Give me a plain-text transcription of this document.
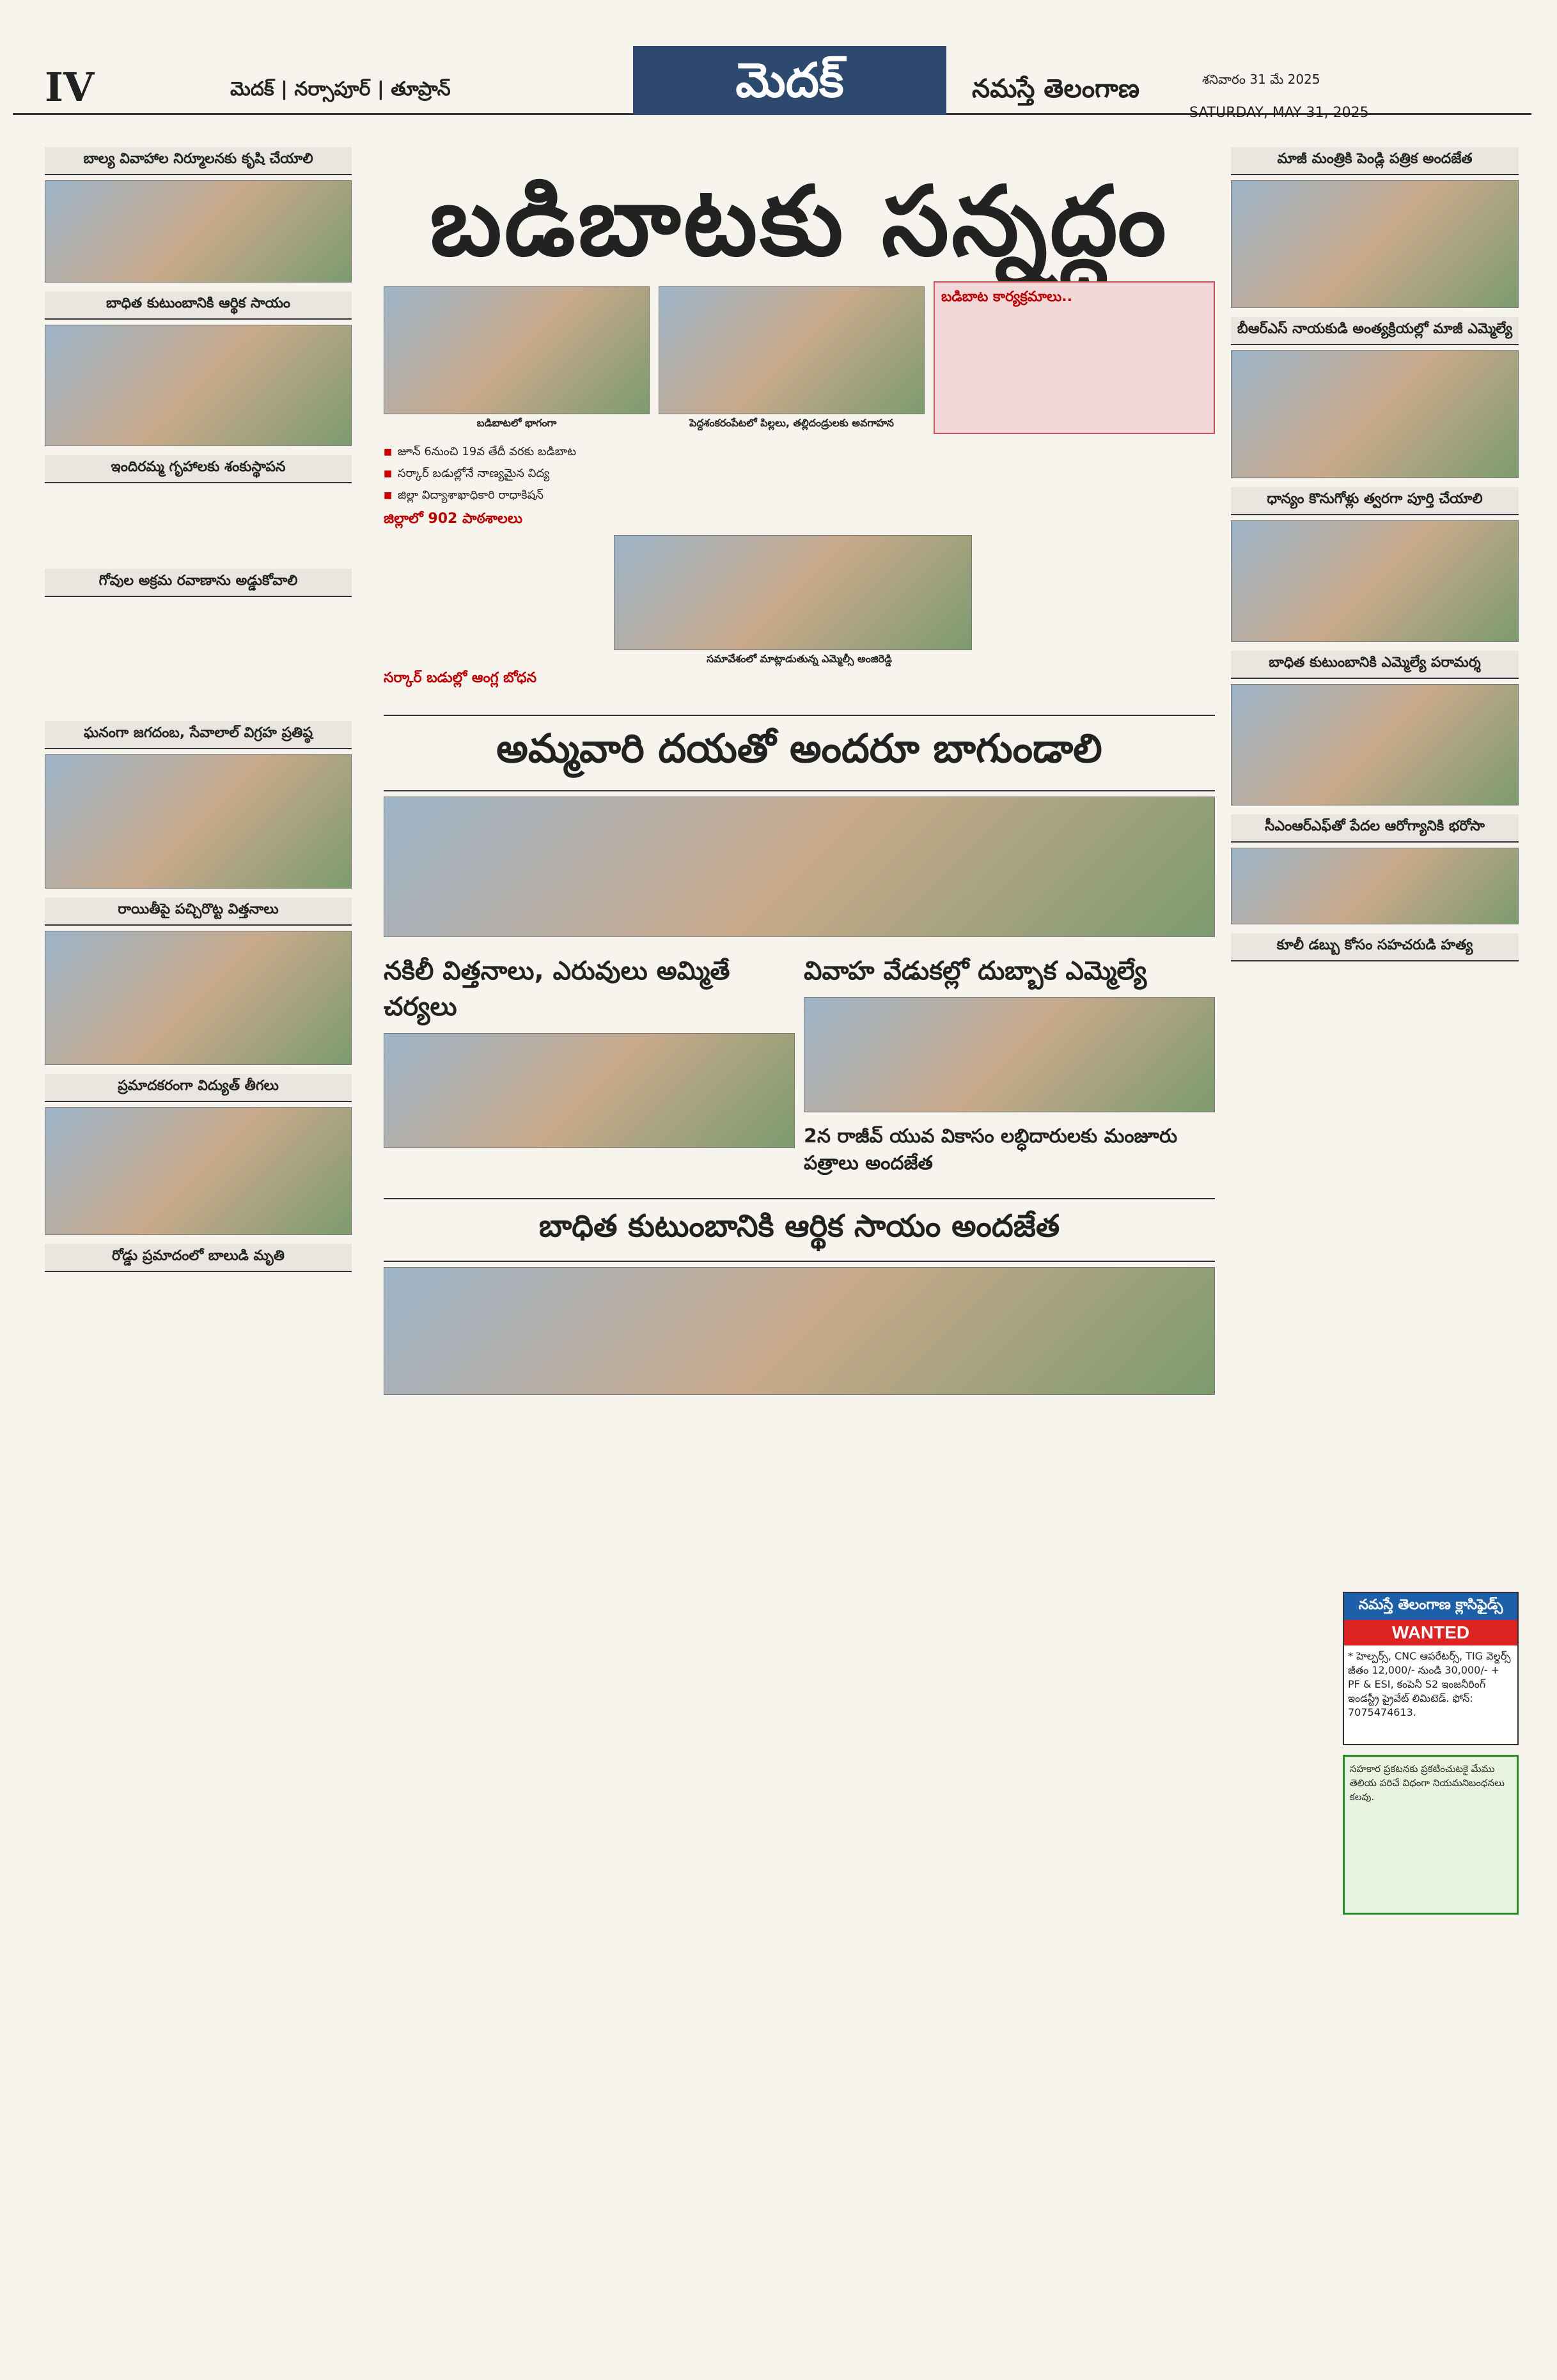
IV	మెదక్ | నర్సాపూర్ | తూప్రాన్	మెదక్	నమస్తే తెలంగాణ	శనివారం 31 మే 2025
SATURDAY, MAY 31, 2025
బడిబాటకు సన్నద్ధం
బాల్య వివాహాల నిర్మూలనకు కృషి చేయాలి
బాధిత కుటుంబానికి ఆర్థిక సాయం
ఇందిరమ్మ గృహాలకు శంకుస్థాపన
గోవుల అక్రమ రవాణాను అడ్డుకోవాలి
ఘనంగా జగదంబ, సేవాలాల్ విగ్రహ ప్రతిష్ఠ
రాయితీపై పచ్చిరొట్ట విత్తనాలు
ప్రమాదకరంగా విద్యుత్ తీగలు
రోడ్డు ప్రమాదంలో బాలుడి మృతి
బడిబాటలో భాగంగా	పెద్దశంకరంపేటలో పిల్లలు, తల్లిదండ్రులకు అవగాహన
బడిబాట కార్యక్రమాలు..
■ జూన్ 6నుంచి 19వ తేదీ వరకు బడిబాట
■ సర్కార్ బడుల్లోనే నాణ్యమైన విద్య
■ జిల్లా విద్యాశాఖాధికారి రాధాకిషన్
జిల్లాలో 902 పాఠశాలలు
సమావేశంలో మాట్లాడుతున్న ఎమ్మెల్సీ అంజిరెడ్డి
సర్కార్ బడుల్లో ఆంగ్ల బోధన
అమ్మవారి దయతో అందరూ బాగుండాలి
నకిలీ విత్తనాలు, ఎరువులు అమ్మితే చర్యలు
వివాహ వేడుకల్లో దుబ్బాక ఎమ్మెల్యే
2న రాజీవ్ యువ వికాసం లబ్ధిదారులకు మంజూరు పత్రాలు అందజేత
బాధిత కుటుంబానికి ఆర్థిక సాయం అందజేత
మాజీ మంత్రికి పెండ్లి పత్రిక అందజేత
బీఆర్ఎస్ నాయకుడి అంత్యక్రియల్లో మాజీ ఎమ్మెల్యే
ధాన్యం కొనుగోళ్లు త్వరగా పూర్తి చేయాలి
బాధిత కుటుంబానికి ఎమ్మెల్యే పరామర్శ
సీఎంఆర్ఎఫ్‌తో పేదల ఆరోగ్యానికి భరోసా
కూలీ డబ్బు కోసం సహచరుడి హత్య
నమస్తే తెలంగాణ క్లాసిఫైడ్స్
WANTED
* హెల్పర్స్, CNC ఆపరేటర్స్, TIG వెల్డర్స్ జీతం 12,000/- నుండి 30,000/- + PF & ESI, కంపెనీ S2 ఇంజనీరింగ్ ఇండస్ట్రీ ప్రైవేట్ లిమిటెడ్. ఫోన్: 7075474613.
సహకార ప్రకటనకు ప్రకటించుటకై మేము తెలియ పరిచే విధంగా నియమనిబంధనలు కలవు.
